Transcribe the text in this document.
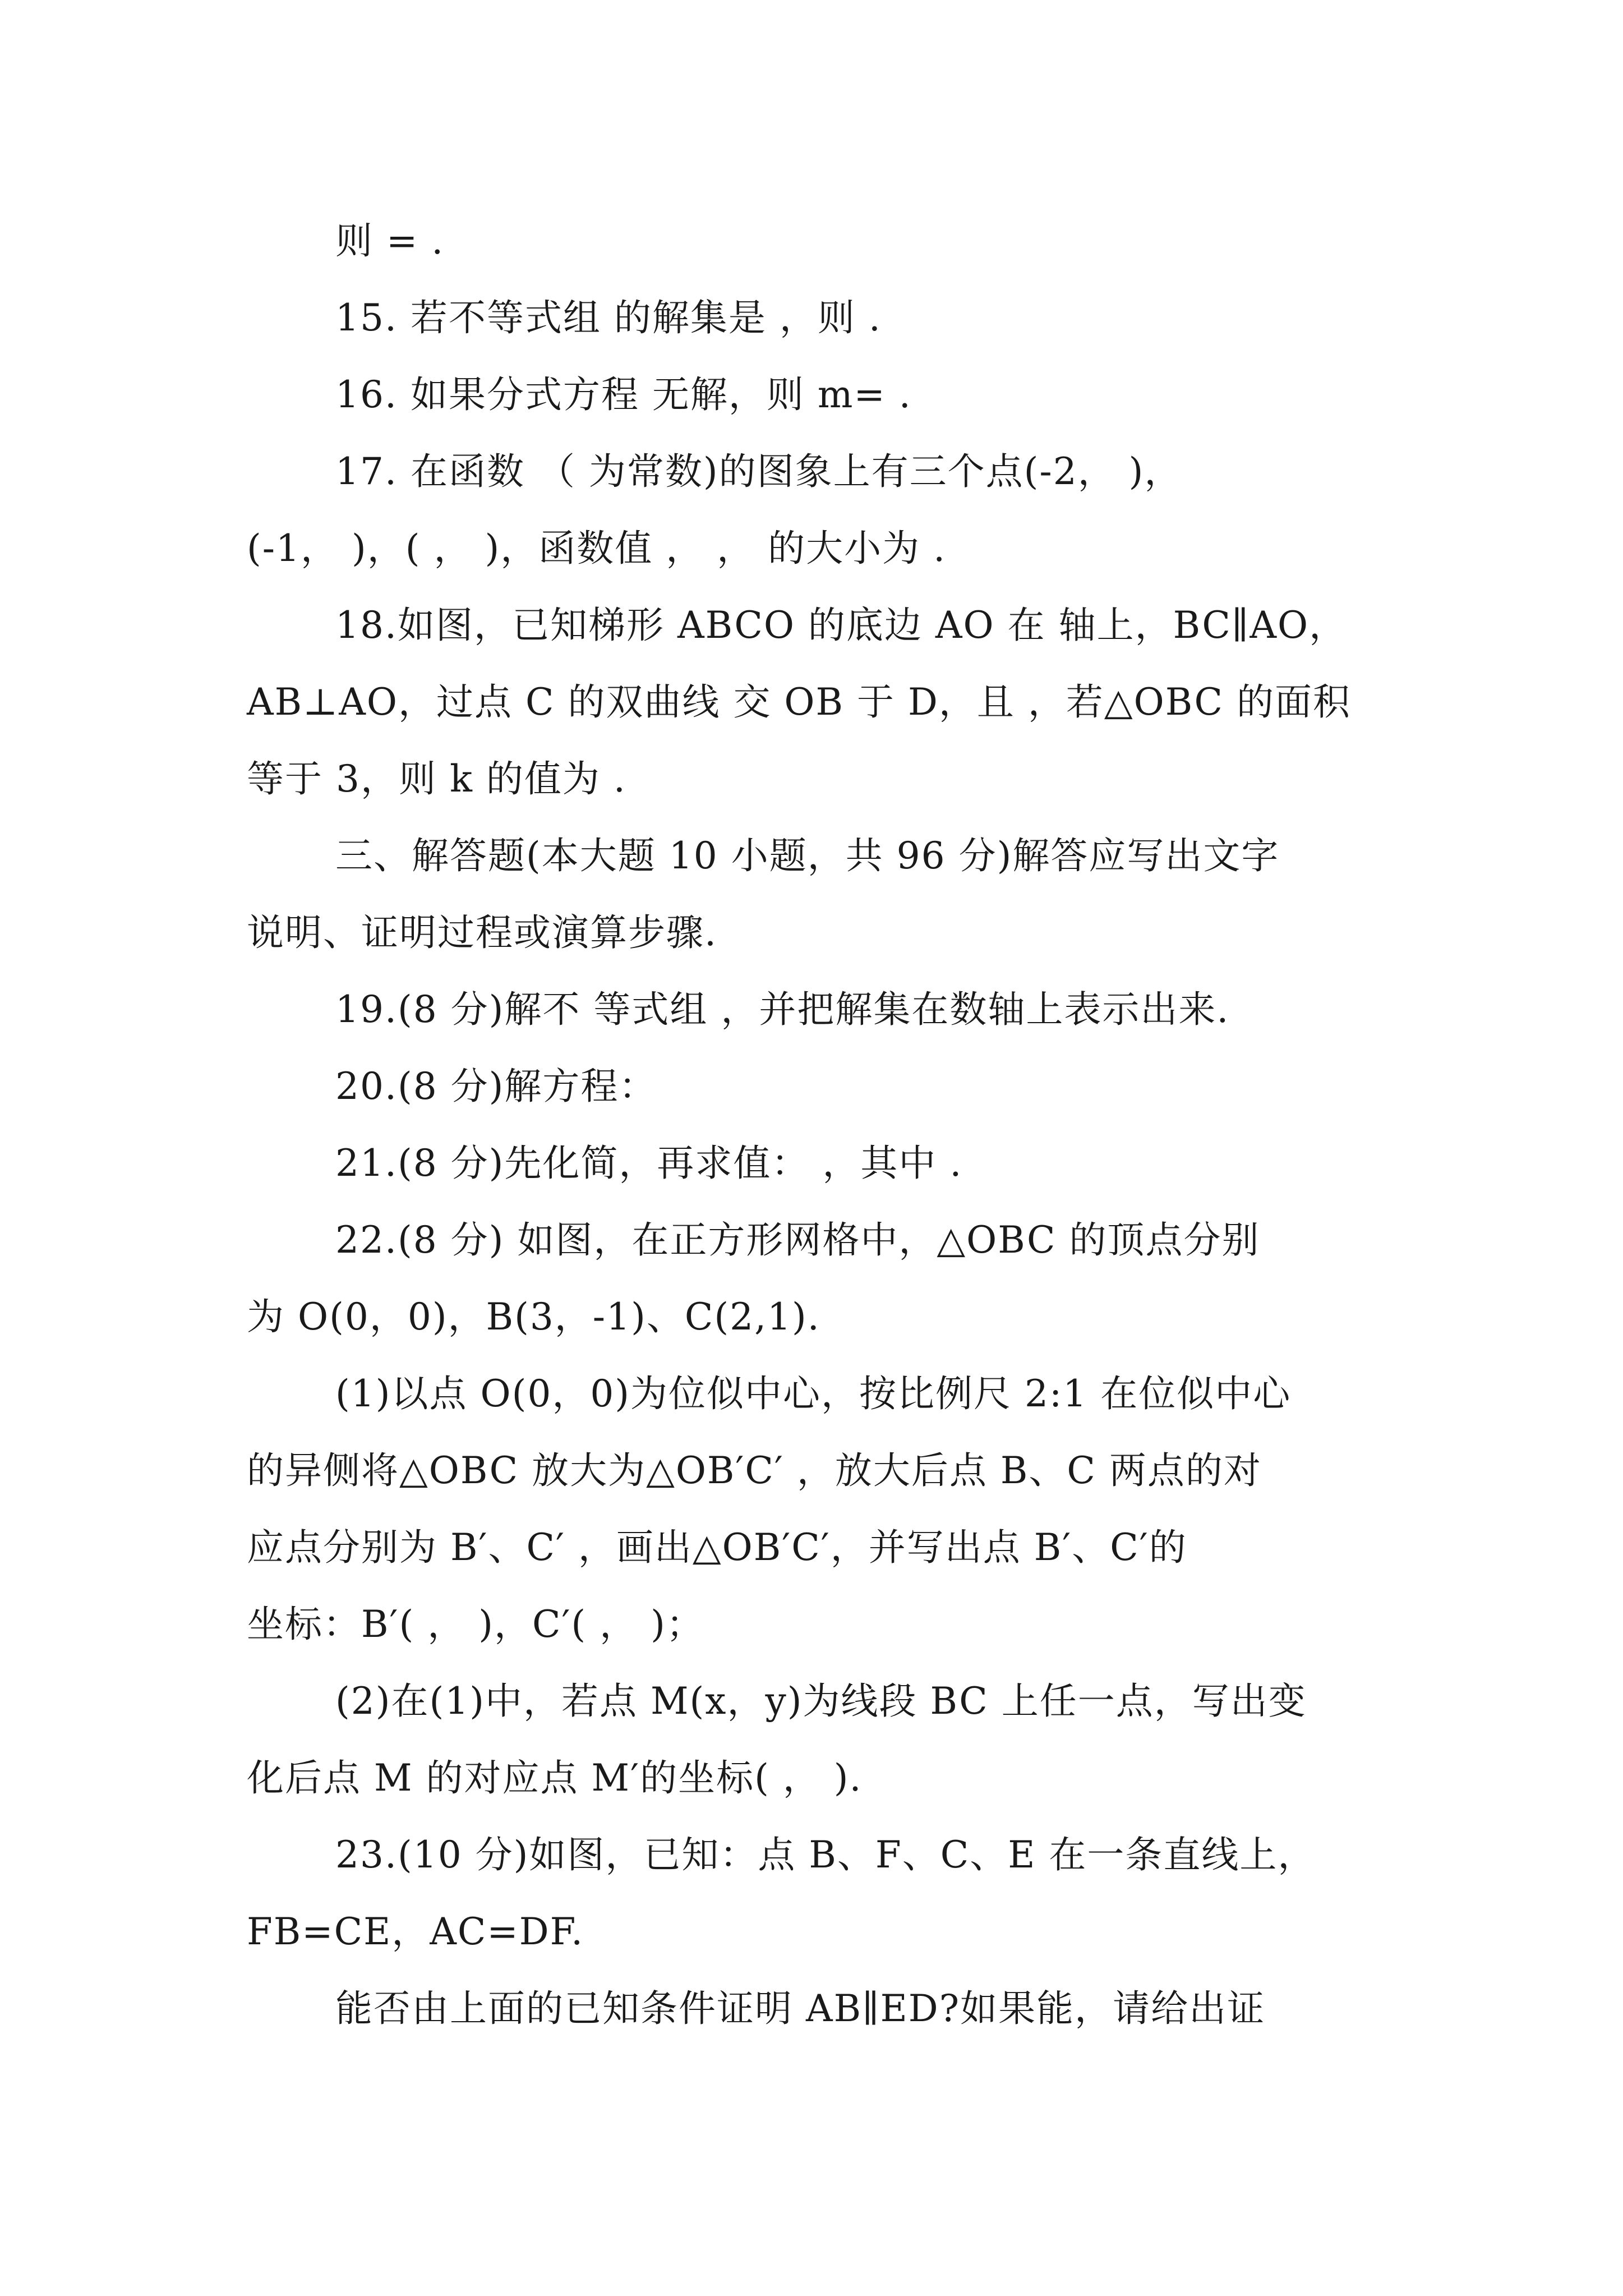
则 = .
15. 若不等式组 的解集是 ，则 .
16. 如果分式方程 无解，则 m= .
17. 在函数 （ 为常数)的图象上有三个点(-2， )，
(-1， )，( ， )，函数值 ， ， 的大小为 .
18.如图，已知梯形 ABCO 的底边 AO 在 轴上，BC∥AO，
AB⊥AO，过点 C 的双曲线 交 OB 于 D，且 ，若△OBC 的面积
等于 3，则 k 的值为 .
三、解答题(本大题 10 小题，共 96 分)解答应写出文字
说明、证明过程或演算步骤.
19.(8 分)解不 等式组 ，并把解集在数轴上表示出来.
20.(8 分)解方程：
21.(8 分)先化简，再求值： ，其中 .
22.(8 分) 如图，在正方形网格中，△OBC 的顶点分别
为 O(0，0)，B(3，-1)、C(2,1).
(1)以点 O(0，0)为位似中心，按比例尺 2:1 在位似中心
的异侧将△OBC 放大为△OB′C′ ，放大后点 B、C 两点的对
应点分别为 B′、C′ ，画出△OB′C′，并写出点 B′、C′的
坐标：B′( ， )，C′( ， )；
(2)在(1)中，若点 M(x，y)为线段 BC 上任一点，写出变
化后点 M 的对应点 M′的坐标( ， ).
23.(10 分)如图，已知：点 B、F、C、E 在一条直线上，
FB=CE，AC=DF.
能否由上面的已知条件证明 AB∥ED?如果能，请给出证
